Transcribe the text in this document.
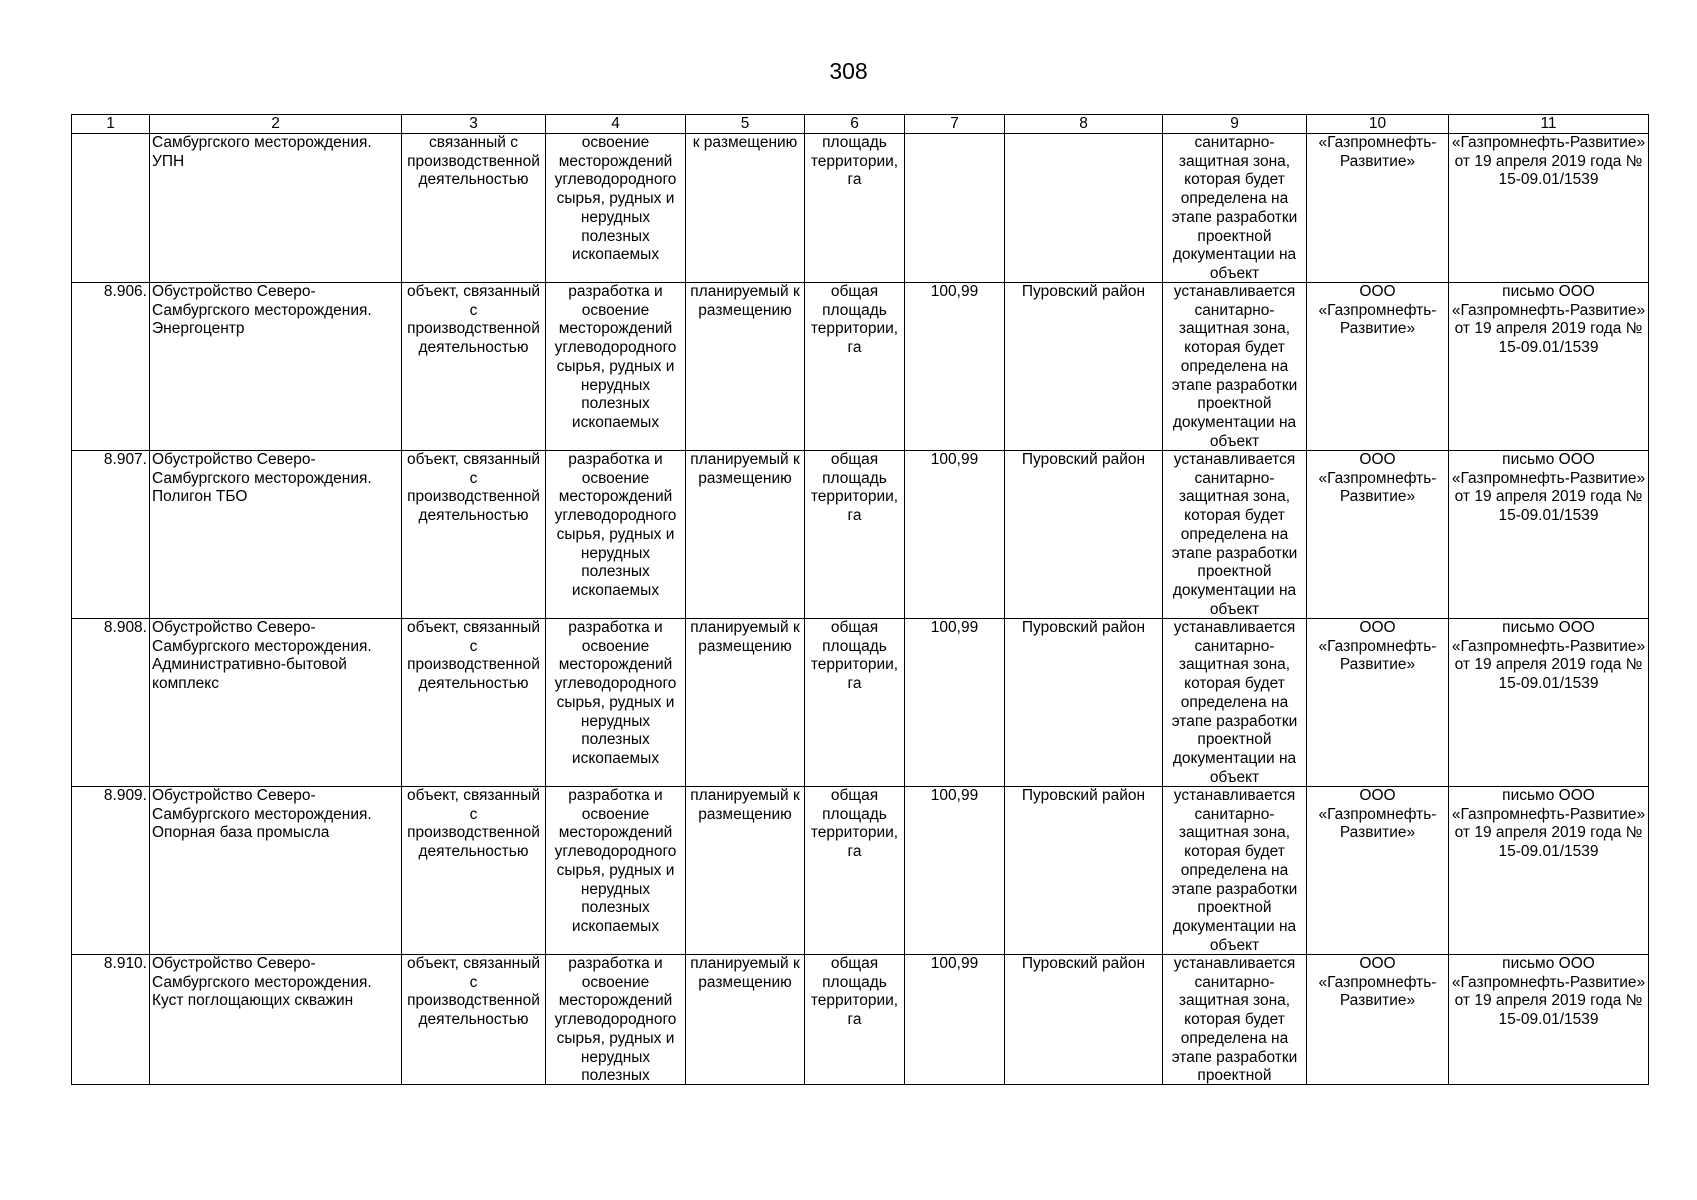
308
1	2	3	4	5	6	7	8	9	10	11

	Самбургского месторождения. УПН	связанный с производственной деятельностью	освоение месторождений углеводородного сырья, рудных и нерудных полезных ископаемых	к размещению	площадь территории, га			санитарно-защитная зона, которая будет определена на этапе разработки проектной документации на объект	«Газпромнефть-Развитие»	«Газпромнефть-Развитие» от 19 апреля 2019 года № 15-09.01/1539

8.906.	Обустройство Северо-Самбургского месторождения. Энергоцентр	объект, связанный с производственной деятельностью	разработка и освоение месторождений углеводородного сырья, рудных и нерудных полезных ископаемых	планируемый к размещению	общая площадь территории, га	100,99	Пуровский район	устанавливается санитарно-защитная зона, которая будет определена на этапе разработки проектной документации на объект	ООО «Газпромнефть-Развитие»	письмо ООО «Газпромнефть-Развитие» от 19 апреля 2019 года № 15-09.01/1539

8.907.	Обустройство Северо-Самбургского месторождения. Полигон ТБО	объект, связанный с производственной деятельностью	разработка и освоение месторождений углеводородного сырья, рудных и нерудных полезных ископаемых	планируемый к размещению	общая площадь территории, га	100,99	Пуровский район	устанавливается санитарно-защитная зона, которая будет определена на этапе разработки проектной документации на объект	ООО «Газпромнефть-Развитие»	письмо ООО «Газпромнефть-Развитие» от 19 апреля 2019 года № 15-09.01/1539

8.908.	Обустройство Северо-Самбургского месторождения. Административно-бытовой комплекс	объект, связанный с производственной деятельностью	разработка и освоение месторождений углеводородного сырья, рудных и нерудных полезных ископаемых	планируемый к размещению	общая площадь территории, га	100,99	Пуровский район	устанавливается санитарно-защитная зона, которая будет определена на этапе разработки проектной документации на объект	ООО «Газпромнефть-Развитие»	письмо ООО «Газпромнефть-Развитие» от 19 апреля 2019 года № 15-09.01/1539

8.909.	Обустройство Северо-Самбургского месторождения. Опорная база промысла	объект, связанный с производственной деятельностью	разработка и освоение месторождений углеводородного сырья, рудных и нерудных полезных ископаемых	планируемый к размещению	общая площадь территории, га	100,99	Пуровский район	устанавливается санитарно-защитная зона, которая будет определена на этапе разработки проектной документации на объект	ООО «Газпромнефть-Развитие»	письмо ООО «Газпромнефть-Развитие» от 19 апреля 2019 года № 15-09.01/1539

8.910.	Обустройство Северо-Самбургского месторождения. Куст поглощающих скважин	объект, связанный с производственной деятельностью	разработка и освоение месторождений углеводородного сырья, рудных и нерудных полезных	планируемый к размещению	общая площадь территории, га	100,99	Пуровский район	устанавливается санитарно-защитная зона, которая будет определена на этапе разработки проектной	ООО «Газпромнефть-Развитие»	письмо ООО «Газпромнефть-Развитие» от 19 апреля 2019 года № 15-09.01/1539
